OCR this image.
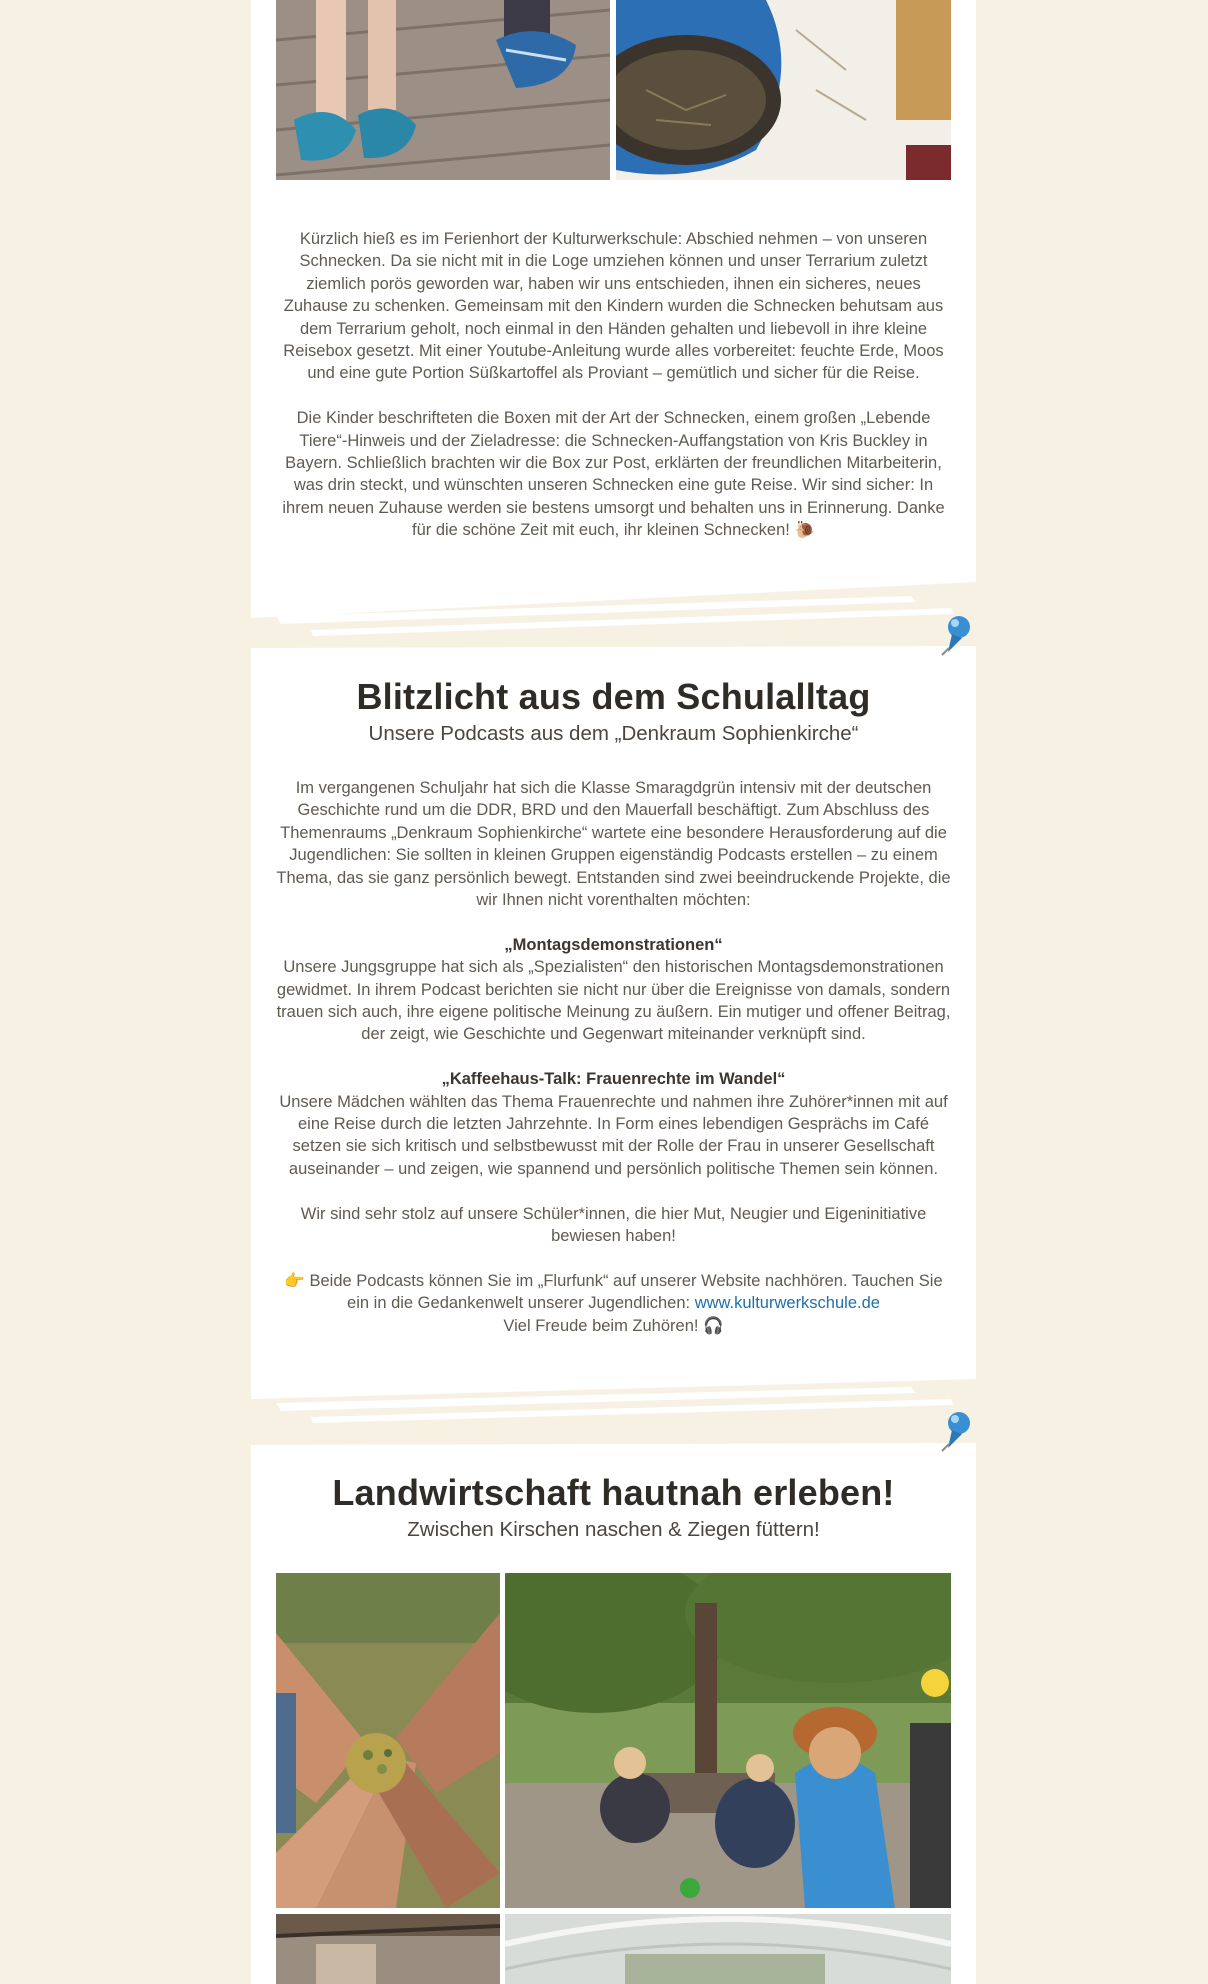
Kürzlich hieß es im Ferienhort der Kulturwerkschule: Abschied nehmen – von unseren Schnecken. Da sie nicht mit in die Loge umziehen können und unser Terrarium zuletzt ziemlich porös geworden war, haben wir uns entschieden, ihnen ein sicheres, neues Zuhause zu schenken. Gemeinsam mit den Kindern wurden die Schnecken behutsam aus dem Terrarium geholt, noch einmal in den Händen gehalten und liebevoll in ihre kleine Reisebox gesetzt. Mit einer Youtube-Anleitung wurde alles vorbereitet: feuchte Erde, Moos und eine gute Portion Süßkartoffel als Proviant – gemütlich und sicher für die Reise.

Die Kinder beschrifteten die Boxen mit der Art der Schnecken, einem großen „Lebende Tiere“-Hinweis und der Zieladresse: die Schnecken-Auffangstation von Kris Buckley in Bayern. Schließlich brachten wir die Box zur Post, erklärten der freundlichen Mitarbeiterin, was drin steckt, und wünschten unseren Schnecken eine gute Reise. Wir sind sicher: In ihrem neuen Zuhause werden sie bestens umsorgt und behalten uns in Erinnerung. Danke für die schöne Zeit mit euch, ihr kleinen Schnecken! 🐌

Blitzlicht aus dem Schulalltag
Unsere Podcasts aus dem „Denkraum Sophienkirche“

Im vergangenen Schuljahr hat sich die Klasse Smaragdgrün intensiv mit der deutschen Geschichte rund um die DDR, BRD und den Mauerfall beschäftigt. Zum Abschluss des Themenraums „Denkraum Sophienkirche“ wartete eine besondere Herausforderung auf die Jugendlichen: Sie sollten in kleinen Gruppen eigenständig Podcasts erstellen – zu einem Thema, das sie ganz persönlich bewegt. Entstanden sind zwei beeindruckende Projekte, die wir Ihnen nicht vorenthalten möchten:

„Montagsdemonstrationen“

Unsere Jungsgruppe hat sich als „Spezialisten“ den historischen Montagsdemonstrationen gewidmet. In ihrem Podcast berichten sie nicht nur über die Ereignisse von damals, sondern trauen sich auch, ihre eigene politische Meinung zu äußern. Ein mutiger und offener Beitrag, der zeigt, wie Geschichte und Gegenwart miteinander verknüpft sind.

„Kaffeehaus-Talk: Frauenrechte im Wandel“

Unsere Mädchen wählten das Thema Frauenrechte und nahmen ihre Zuhörer*innen mit auf eine Reise durch die letzten Jahrzehnte. In Form eines lebendigen Gesprächs im Café setzen sie sich kritisch und selbstbewusst mit der Rolle der Frau in unserer Gesellschaft auseinander – und zeigen, wie spannend und persönlich politische Themen sein können.

Wir sind sehr stolz auf unsere Schüler*innen, die hier Mut, Neugier und Eigeninitiative bewiesen haben!

👉 Beide Podcasts können Sie im „Flurfunk“ auf unserer Website nachhören. Tauchen Sie ein in die Gedankenwelt unserer Jugendlichen: www.kulturwerkschule.de

Viel Freude beim Zuhören! 🎧

Landwirtschaft hautnah erleben!
Zwischen Kirschen naschen & Ziegen füttern!
